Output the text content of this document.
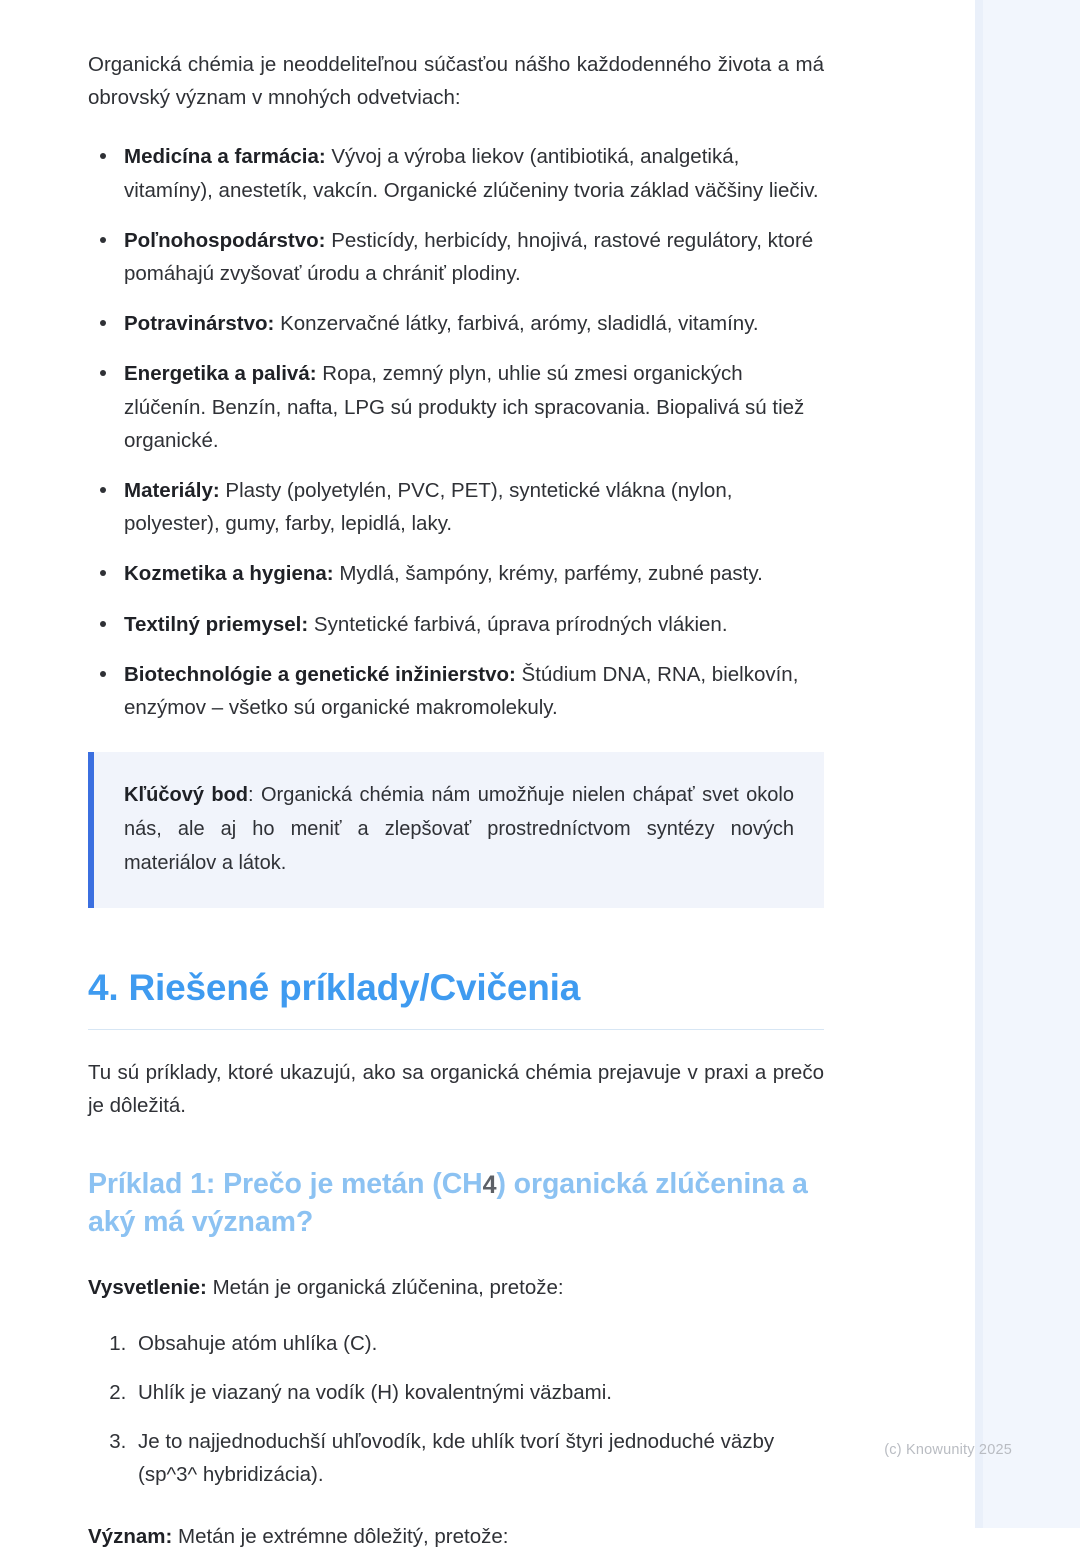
Organická chémia je neoddeliteľnou súčasťou nášho každodenného života a má obrovský význam v mnohých odvetviach:

Medicína a farmácia: Vývoj a výroba liekov (antibiotiká, analgetiká, vitamíny), anestetík, vakcín. Organické zlúčeniny tvoria základ väčšiny liečiv.
Poľnohospodárstvo: Pesticídy, herbicídy, hnojivá, rastové regulátory, ktoré pomáhajú zvyšovať úrodu a chrániť plodiny.
Potravinárstvo: Konzervačné látky, farbivá, arómy, sladidlá, vitamíny.
Energetika a palivá: Ropa, zemný plyn, uhlie sú zmesi organických zlúčenín. Benzín, nafta, LPG sú produkty ich spracovania. Biopalivá sú tiež organické.
Materiály: Plasty (polyetylén, PVC, PET), syntetické vlákna (nylon, polyester), gumy, farby, lepidlá, laky.
Kozmetika a hygiena: Mydlá, šampóny, krémy, parfémy, zubné pasty.
Textilný priemysel: Syntetické farbivá, úprava prírodných vlákien.
Biotechnológie a genetické inžinierstvo: Štúdium DNA, RNA, bielkovín, enzýmov – všetko sú organické makromolekuly.

Kľúčový bod: Organická chémia nám umožňuje nielen chápať svet okolo nás, ale aj ho meniť a zlepšovať prostredníctvom syntézy nových materiálov a látok.

4. Riešené príklady/Cvičenia

Tu sú príklady, ktoré ukazujú, ako sa organická chémia prejavuje v praxi a prečo je dôležitá.

Príklad 1: Prečo je metán (CH4) organická zlúčenina a aký má význam?

Vysvetlenie: Metán je organická zlúčenina, pretože:

1. Obsahuje atóm uhlíka (C).
2. Uhlík je viazaný na vodík (H) kovalentnými väzbami.
3. Je to najjednoduchší uhľovodík, kde uhlík tvorí štyri jednoduché väzby (sp^3^ hybridizácia).

Význam: Metán je extrémne dôležitý, pretože:

(c) Knowunity 2025
